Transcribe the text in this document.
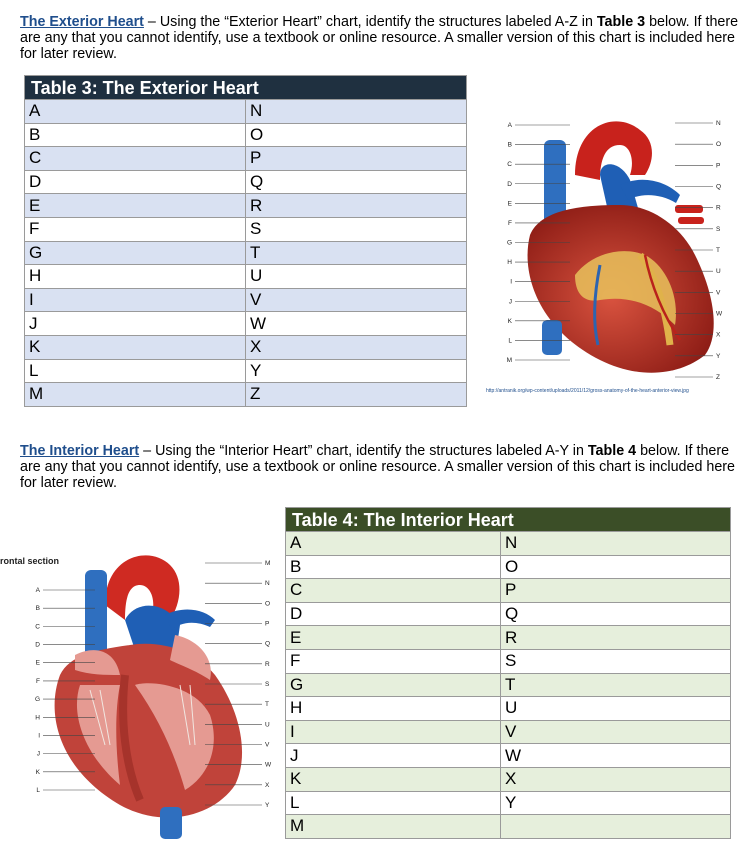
The Exterior Heart – Using the “Exterior Heart” chart, identify the structures labeled A-Z in Table 3 below. If there are any that you cannot identify, use a textbook or online resource. A smaller version of this chart is included here for later review.
Table 3: The Exterior Heart	
A	N
B	O
C	P
D	Q
E	R
F	S
G	T
H	U
I	V
J	W
K	X
L	Y
M	Z
A
B
C
D
E
F
G
H
I
J
K
L
M
N
O
P
Q
R
S
T
U
V
W
X
Y
Z
http://antranik.org/wp-content/uploads/2011/12/gross-anatomy-of-the-heart-anterior-view.jpg
The Interior Heart – Using the “Interior Heart” chart, identify the structures labeled A-Y in Table 4 below. If there are any that you cannot identify, use a textbook or online resource. A smaller version of this chart is included here for later review.
rontal section
A
B
C
D
E
F
G
H
I
J
K
L
M
N
O
P
Q
R
S
T
U
V
W
X
Y
Table 4: The Interior Heart	
A	N
B	O
C	P
D	Q
E	R
F	S
G	T
H	U
I	V
J	W
K	X
L	Y
M	
